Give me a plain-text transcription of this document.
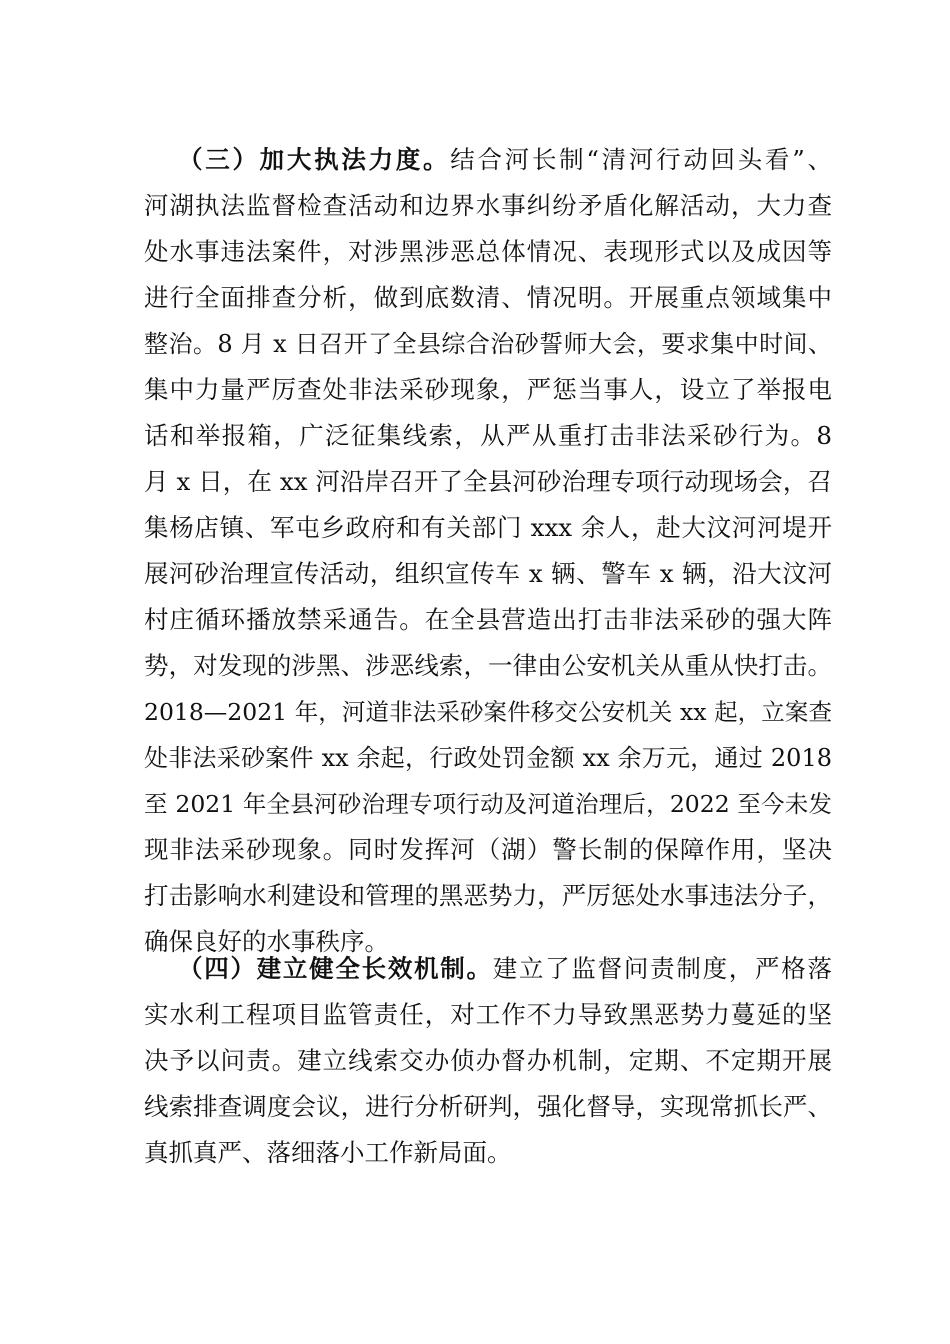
（三）加大执法力度。结合河长制“清河行动回头看”、
河湖执法监督检查活动和边界水事纠纷矛盾化解活动，大力查
处水事违法案件，对涉黑涉恶总体情况、表现形式以及成因等
进行全面排查分析，做到底数清、情况明。开展重点领域集中
整治。8 月 x 日召开了全县综合治砂誓师大会，要求集中时间、
集中力量严厉查处非法采砂现象，严惩当事人，设立了举报电
话和举报箱，广泛征集线索，从严从重打击非法采砂行为。8
月 x 日，在 xx 河沿岸召开了全县河砂治理专项行动现场会，召
集杨店镇、军屯乡政府和有关部门 xxx 余人，赴大汶河河堤开
展河砂治理宣传活动，组织宣传车 x 辆、警车 x 辆，沿大汶河
村庄循环播放禁采通告。在全县营造出打击非法采砂的强大阵
势，对发现的涉黑、涉恶线索，一律由公安机关从重从快打击。
2018—2021 年，河道非法采砂案件移交公安机关 xx 起，立案查
处非法采砂案件 xx 余起，行政处罚金额 xx 余万元，通过 2018
至 2021 年全县河砂治理专项行动及河道治理后，2022 至今未发
现非法采砂现象。同时发挥河（湖）警长制的保障作用，坚决
打击影响水利建设和管理的黑恶势力，严厉惩处水事违法分子，
确保良好的水事秩序。
（四）建立健全长效机制。建立了监督问责制度，严格落
实水利工程项目监管责任，对工作不力导致黑恶势力蔓延的坚
决予以问责。建立线索交办侦办督办机制，定期、不定期开展
线索排查调度会议，进行分析研判，强化督导，实现常抓长严、
真抓真严、落细落小工作新局面。
